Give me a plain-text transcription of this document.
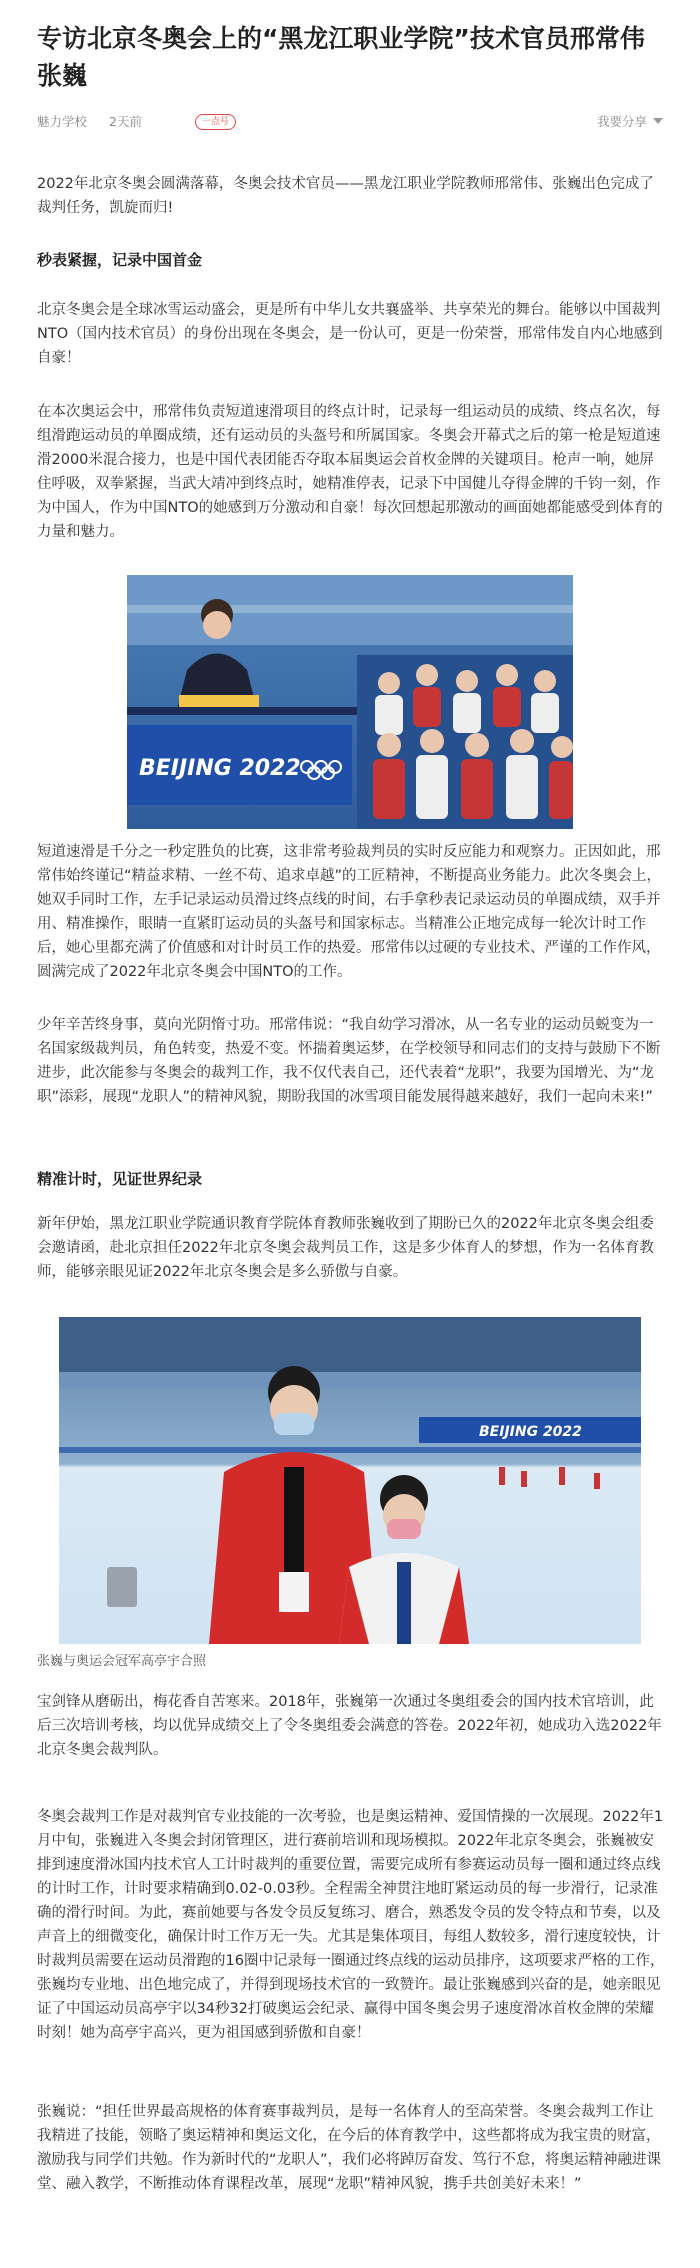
专访北京冬奥会上的“黑龙江职业学院”技术官员邢常伟张巍
魅力学校 2天前	一点号	我要分享

2022年北京冬奥会圆满落幕，冬奥会技术官员——黑龙江职业学院教师邢常伟、张巍出色完成了裁判任务，凯旋而归!

秒表紧握，记录中国首金

北京冬奥会是全球冰雪运动盛会，更是所有中华儿女共襄盛举、共享荣光的舞台。能够以中国裁判NTO（国内技术官员）的身份出现在冬奥会，是一份认可，更是一份荣誉，邢常伟发自内心地感到自豪！

在本次奥运会中，邢常伟负责短道速滑项目的终点计时，记录每一组运动员的成绩、终点名次，每组滑跑运动员的单圈成绩，还有运动员的头盔号和所属国家。冬奥会开幕式之后的第一枪是短道速滑2000米混合接力，也是中国代表团能否夺取本届奥运会首枚金牌的关键项目。枪声一响，她屏住呼吸，双拳紧握，当武大靖冲到终点时，她精准停表，记录下中国健儿夺得金牌的千钧一刻，作为中国人，作为中国NTO的她感到万分激动和自豪！每次回想起那激动的画面她都能感受到体育的力量和魅力。

BEIJING 2022

短道速滑是千分之一秒定胜负的比赛，这非常考验裁判员的实时反应能力和观察力。正因如此，邢常伟始终谨记“精益求精、一丝不苟、追求卓越”的工匠精神，不断提高业务能力。此次冬奥会上，她双手同时工作，左手记录运动员滑过终点线的时间，右手拿秒表记录运动员的单圈成绩，双手并用、精准操作，眼睛一直紧盯运动员的头盔号和国家标志。当精准公正地完成每一轮次计时工作后，她心里都充满了价值感和对计时员工作的热爱。邢常伟以过硬的专业技术、严谨的工作作风，圆满完成了2022年北京冬奥会中国NTO的工作。

少年辛苦终身事，莫向光阴惰寸功。邢常伟说：“我自幼学习滑冰，从一名专业的运动员蜕变为一名国家级裁判员，角色转变，热爱不变。怀揣着奥运梦，在学校领导和同志们的支持与鼓励下不断进步，此次能参与冬奥会的裁判工作，我不仅代表自己，还代表着“龙职”，我要为国增光、为“龙职”添彩，展现“龙职人”的精神风貌，期盼我国的冰雪项目能发展得越来越好，我们一起向未来!”

精准计时，见证世界纪录

新年伊始，黑龙江职业学院通识教育学院体育教师张巍收到了期盼已久的2022年北京冬奥会组委会邀请函，赴北京担任2022年北京冬奥会裁判员工作，这是多少体育人的梦想，作为一名体育教师，能够亲眼见证2022年北京冬奥会是多么骄傲与自豪。

BEIJING 2022

张巍与奥运会冠军高亭宇合照

宝剑锋从磨砺出，梅花香自苦寒来。2018年，张巍第一次通过冬奥组委会的国内技术官培训，此后三次培训考核，均以优异成绩交上了令冬奥组委会满意的答卷。2022年初，她成功入选2022年北京冬奥会裁判队。

冬奥会裁判工作是对裁判官专业技能的一次考验，也是奥运精神、爱国情操的一次展现。2022年1月中旬，张巍进入冬奥会封闭管理区，进行赛前培训和现场模拟。2022年北京冬奥会，张巍被安排到速度滑冰国内技术官人工计时裁判的重要位置，需要完成所有参赛运动员每一圈和通过终点线的计时工作，计时要求精确到0.02-0.03秒。全程需全神贯注地盯紧运动员的每一步滑行，记录准确的滑行时间。为此，赛前她要与各发令员反复练习、磨合，熟悉发令员的发令特点和节奏，以及声音上的细微变化，确保计时工作万无一失。尤其是集体项目，每组人数较多，滑行速度较快，计时裁判员需要在运动员滑跑的16圈中记录每一圈通过终点线的运动员排序，这项要求严格的工作，张巍均专业地、出色地完成了，并得到现场技术官的一致赞许。最让张巍感到兴奋的是，她亲眼见证了中国运动员高亭宇以34秒32打破奥运会纪录、赢得中国冬奥会男子速度滑冰首枚金牌的荣耀时刻！她为高亭宇高兴，更为祖国感到骄傲和自豪！

张巍说：“担任世界最高规格的体育赛事裁判员，是每一名体育人的至高荣誉。冬奥会裁判工作让我精进了技能，领略了奥运精神和奥运文化，在今后的体育教学中，这些都将成为我宝贵的财富，激励我与同学们共勉。作为新时代的“龙职人”，我们必将踔厉奋发、笃行不怠，将奥运精神融进课堂、融入教学，不断推动体育课程改革，展现“龙职”精神风貌，携手共创美好未来！”
